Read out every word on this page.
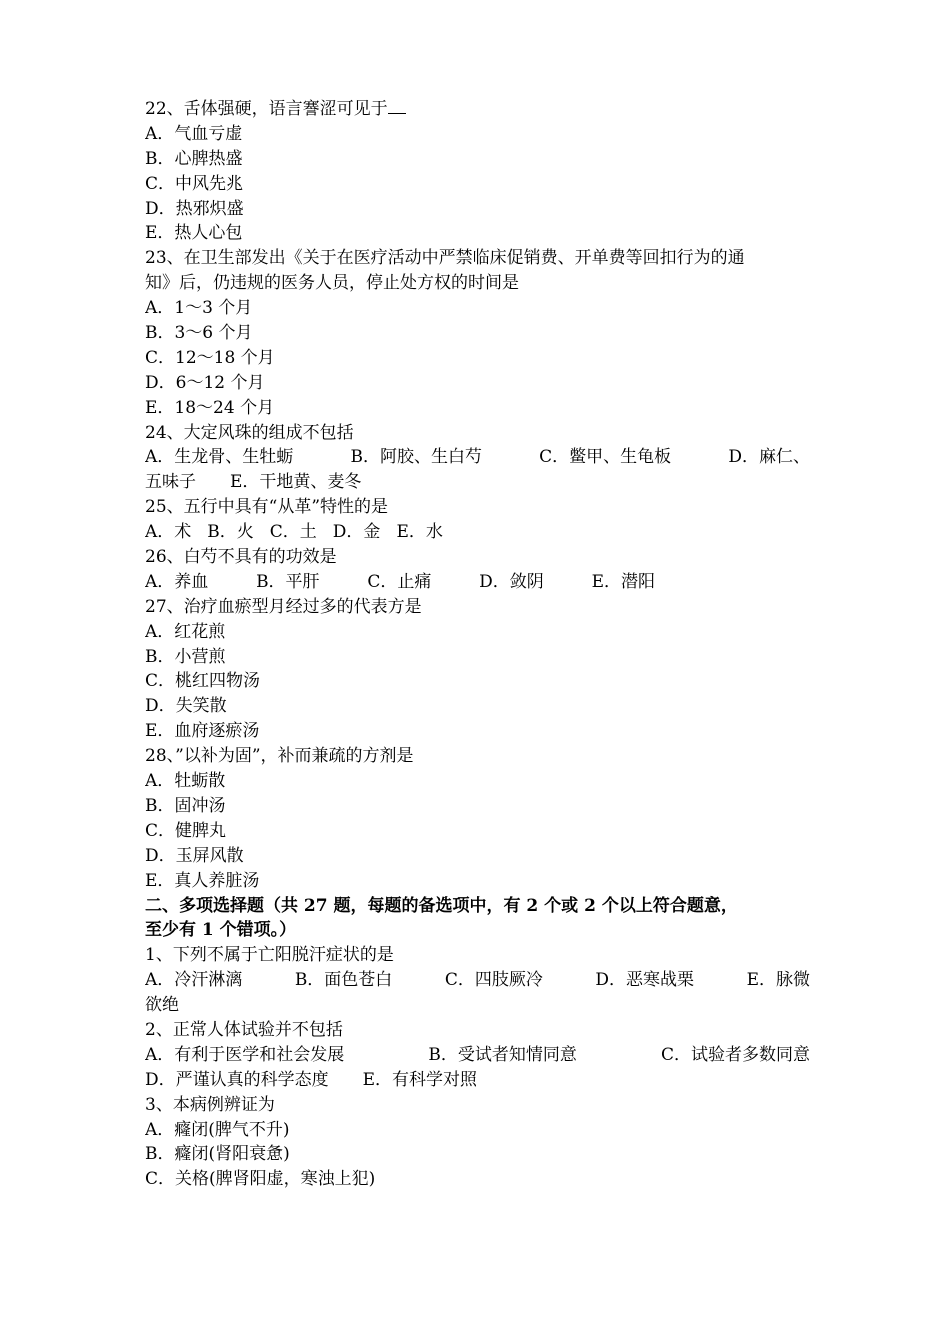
22、舌体强硬，语言謇涩可见于
A．气血亏虚
B．心脾热盛
C．中风先兆
D．热邪炽盛
E．热人心包
23、在卫生部发出《关于在医疗活动中严禁临床促销费、开单费等回扣行为的通
知》后，仍违规的医务人员，停止处方权的时间是
A．1～3 个月
B．3～6 个月
C．12～18 个月
D．6～12 个月
E．18～24 个月
24、大定风珠的组成不包括
A．生龙骨、生牡蛎	B．阿胶、生白芍	C．鳖甲、生龟板	D．麻仁、
五味子 E．干地黄、麦冬
25、五行中具有“从革”特性的是
A．术 B．火 C．土 D．金 E．水
26、白芍不具有的功效是
A．养血	B．平肝	C．止痛	D．敛阴	E．潜阳
27、治疗血瘀型月经过多的代表方是
A．红花煎
B．小营煎
C．桃红四物汤
D．失笑散
E．血府逐瘀汤
28、”以补为固”，补而兼疏的方剂是
A．牡蛎散
B．固冲汤
C．健脾丸
D．玉屏风散
E．真人养脏汤
二、多项选择题（共 27 题，每题的备选项中，有 2 个或 2 个以上符合题意，
至少有 1 个错项。）
1、下列不属于亡阳脱汗症状的是
A．冷汗淋漓	B．面色苍白	C．四肢厥冷	D．恶寒战栗	E．脉微
欲绝
2、正常人体试验并不包括
A．有利于医学和社会发展	B．受试者知情同意	C．试验者多数同意
D．严谨认真的科学态度 E．有科学对照
3、本病例辨证为
A．癃闭(脾气不升)
B．癃闭(肾阳衰惫)
C．关格(脾肾阳虚，寒浊上犯)
